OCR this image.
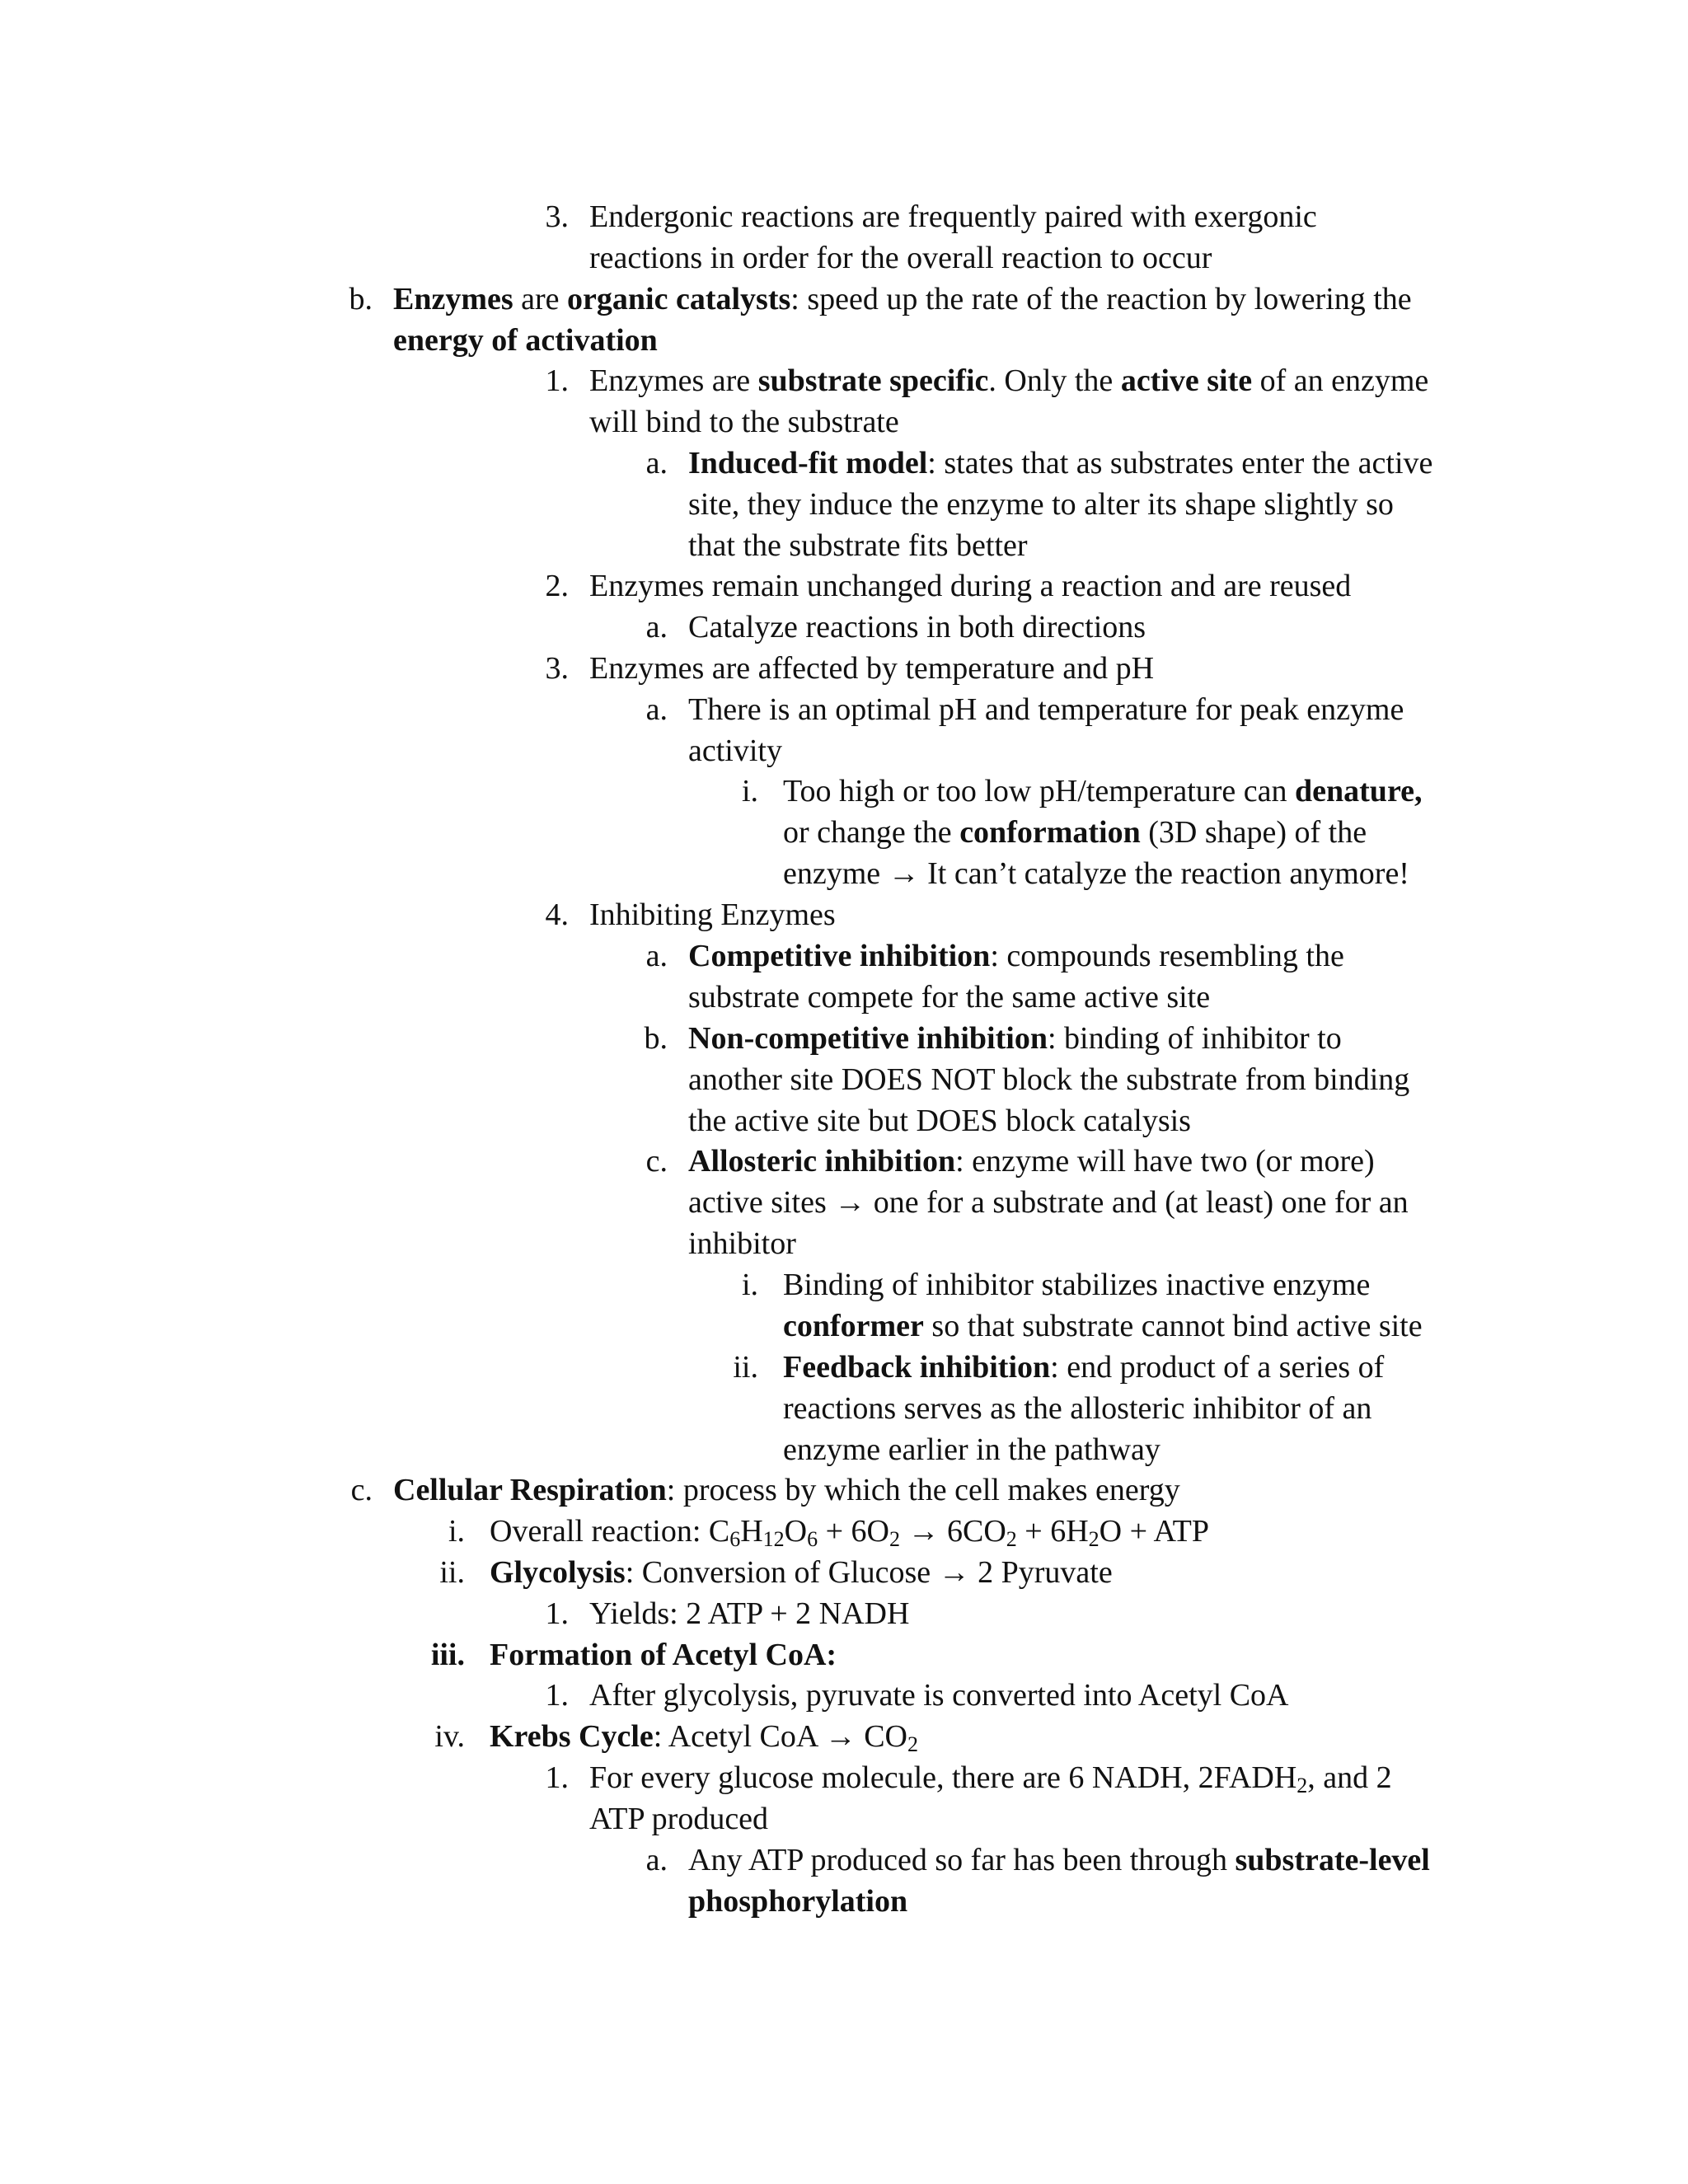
3. Endergonic reactions are frequently paired with exergonic
reactions in order for the overall reaction to occur
b. Enzymes are organic catalysts: speed up the rate of the reaction by lowering the
energy of activation
1. Enzymes are substrate specific. Only the active site of an enzyme
will bind to the substrate
a. Induced-fit model: states that as substrates enter the active
site, they induce the enzyme to alter its shape slightly so
that the substrate fits better
2. Enzymes remain unchanged during a reaction and are reused
a. Catalyze reactions in both directions
3. Enzymes are affected by temperature and pH
a. There is an optimal pH and temperature for peak enzyme
activity
i. Too high or too low pH/temperature can denature,
or change the conformation (3D shape) of the
enzyme → It can’t catalyze the reaction anymore!
4. Inhibiting Enzymes
a. Competitive inhibition: compounds resembling the
substrate compete for the same active site
b. Non-competitive inhibition: binding of inhibitor to
another site DOES NOT block the substrate from binding
the active site but DOES block catalysis
c. Allosteric inhibition: enzyme will have two (or more)
active sites → one for a substrate and (at least) one for an
inhibitor
i. Binding of inhibitor stabilizes inactive enzyme
conformer so that substrate cannot bind active site
ii. Feedback inhibition: end product of a series of
reactions serves as the allosteric inhibitor of an
enzyme earlier in the pathway
c. Cellular Respiration: process by which the cell makes energy
i. Overall reaction: $C_6H_{12}O_6 + 6O_2 \to 6CO_2 + 6H_2O$ + ATP
ii. Glycolysis: Conversion of Glucose → 2 Pyruvate
1. Yields: 2 ATP + 2 NADH
iii. Formation of Acetyl CoA:
1. After glycolysis, pyruvate is converted into Acetyl CoA
iv. Krebs Cycle: Acetyl CoA → $CO_2$
1. For every glucose molecule, there are 6 NADH, $2FADH_2$, and 2
ATP produced
a. Any ATP produced so far has been through substrate-level
phosphorylation
